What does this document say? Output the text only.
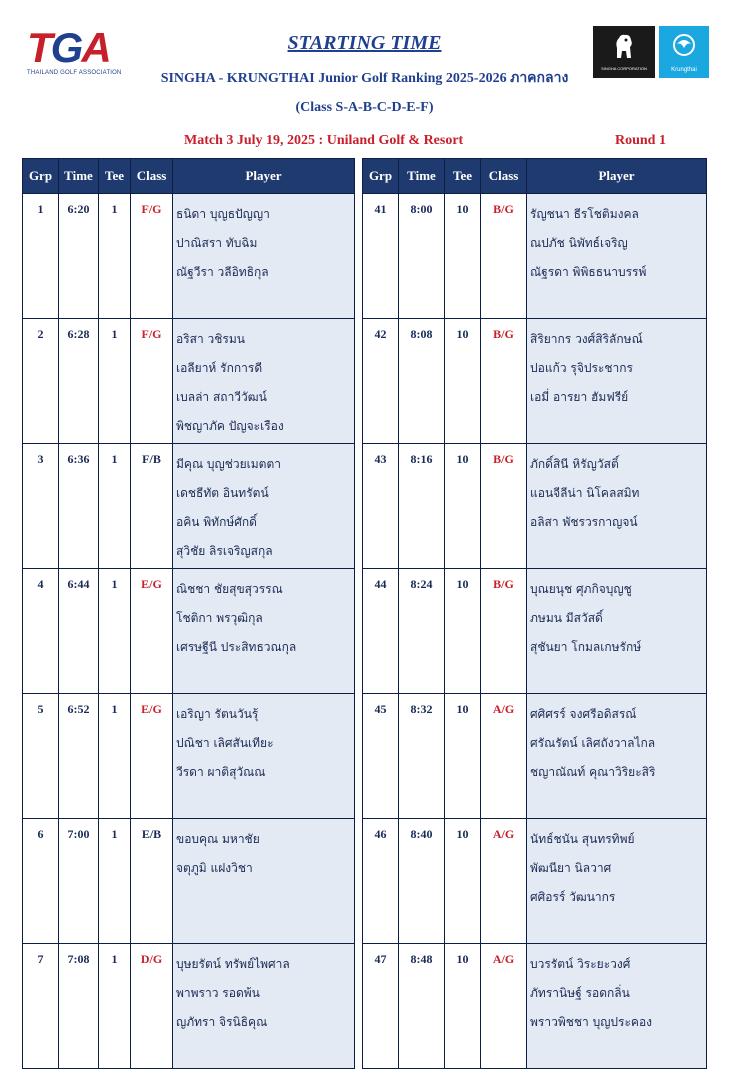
TGA
THAILAND GOLF ASSOCIATION
STARTING TIME
SINGHA - KRUNGTHAI Junior Golf Ranking 2025-2026 ภาคกลาง
(Class S-A-B-C-D-E-F)
Match 3 July 19, 2025 : Uniland Golf & Resort	Round 1
SINGHA CORPORATION	Krungthai
Grp	Time	Tee	Class	Player
1	6:20	1	F/G	ธนิดา บุญธปัญญา
ปาณิสรา ทับฉิม
ณัฐวีรา วลีอิทธิกุล

2	6:28	1	F/G	อริสา วชิรมน
เอลียาห์ รักการดี
เบลล่า สถาวีวัฒน์
พิชญาภัค ปัญจะเรือง

3	6:36	1	F/B	มีคุณ บุญช่วยเมตตา
เดชธีทัต อินทรัตน์
อคิน พิทักษ์ศักดิ์
สุวิชัย ลิรเจริญสกุล

4	6:44	1	E/G	ณิชชา ชัยสุขสุวรรณ
โชติกา พรวุฒิกุล
เศรษฐีนี ประสิทธวณกุล

5	6:52	1	E/G	เอริญา รัตนวันรุ้
ปณิชา เลิศสันเทียะ
วีรดา ผาติสุวัณณ

6	7:00	1	E/B	ขอบคุณ มหาชัย
จตุภูมิ แฝงวิชา

7	7:08	1	D/G	บุษยรัตน์ ทรัพย์ไพศาล
พาพราว รอดพ้น
ญภัทรา จิรนิธิคุณ
Grp	Time	Tee	Class	Player
41	8:00	10	B/G	รัญชนา ธีรโชติมงคล
ณปภัช นิพัทธ์เจริญ
ณัฐรดา พิพิธธนาบรรพ์

42	8:08	10	B/G	สิริยากร วงศ์สิริลักษณ์
ปอแก้ว รุจิประชากร
เอมี่ อารยา ฮัมฟรีย์

43	8:16	10	B/G	ภักดิ์สินี หิรัญวัสติ์
แอนจีลีน่า นิโคลสมิท
อลิสา พัชรวรกาญจน์

44	8:24	10	B/G	บุณยนุช ศุภกิจบุญชู
ภษมน มีสวัสดิ์
สุชันยา โกมลเกษรักษ์

45	8:32	10	A/G	ศศิศรร์ จงศรีอดิสรณ์
ศรัณรัตน์ เลิศถังวาลไกล
ชญาณัณท์ คุณาวิริยะสิริ

46	8:40	10	A/G	นัทธ์ชนัน สุนทรทิพย์
พัฒนียา นิลวาศ
ศศิอรร์ วัฒนากร

47	8:48	10	A/G	บวรรัตน์ วิระยะวงศ์
ภัทรานิษฐ์ รอดกลิ่น
พราวพิชชา บุญประคอง
